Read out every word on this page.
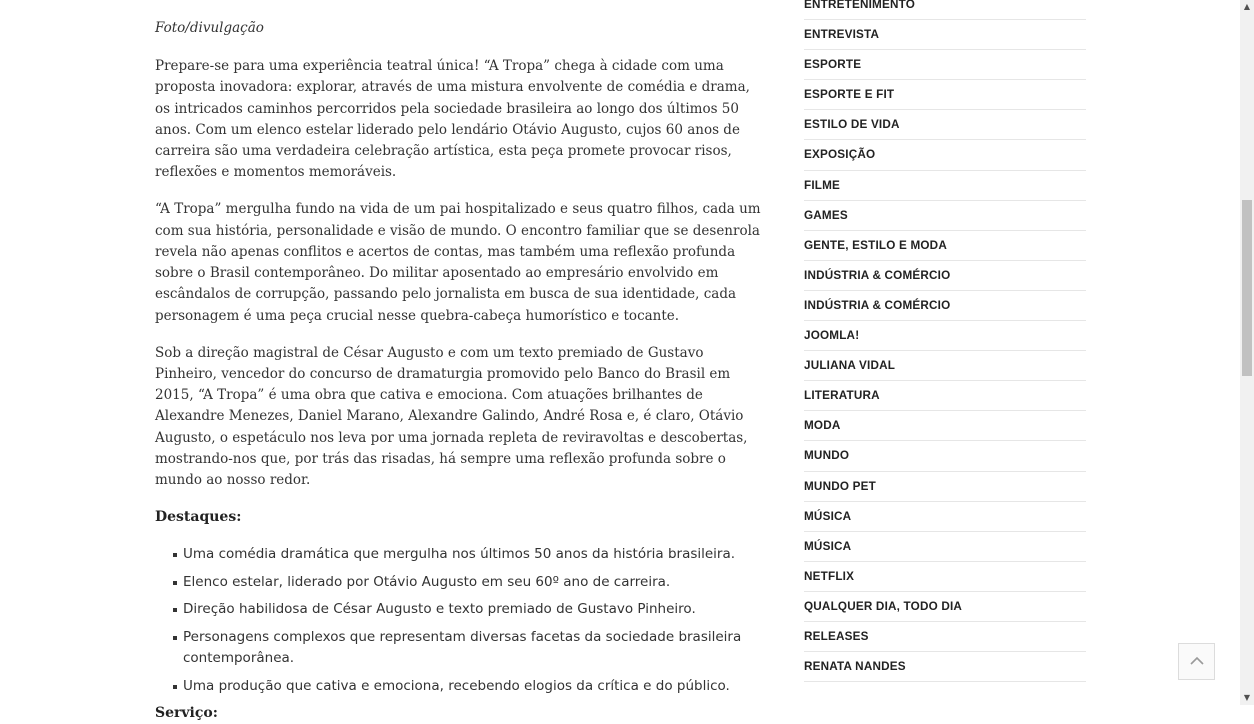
Foto/divulgação

Prepare-se para uma experiência teatral única! “A Tropa” chega à cidade com uma proposta inovadora: explorar, através de uma mistura envolvente de comédia e drama, os intricados caminhos percorridos pela sociedade brasileira ao longo dos últimos 50 anos. Com um elenco estelar liderado pelo lendário Otávio Augusto, cujos 60 anos de carreira são uma verdadeira celebração artística, esta peça promete provocar risos, reflexões e momentos memoráveis.

“A Tropa” mergulha fundo na vida de um pai hospitalizado e seus quatro filhos, cada um com sua história, personalidade e visão de mundo. O encontro familiar que se desenrola revela não apenas conflitos e acertos de contas, mas também uma reflexão profunda sobre o Brasil contemporâneo. Do militar aposentado ao empresário envolvido em escândalos de corrupção, passando pelo jornalista em busca de sua identidade, cada personagem é uma peça crucial nesse quebra-cabeça humorístico e tocante.

Sob a direção magistral de César Augusto e com um texto premiado de Gustavo Pinheiro, vencedor do concurso de dramaturgia promovido pelo Banco do Brasil em 2015, “A Tropa” é uma obra que cativa e emociona. Com atuações brilhantes de Alexandre Menezes, Daniel Marano, Alexandre Galindo, André Rosa e, é claro, Otávio Augusto, o espetáculo nos leva por uma jornada repleta de reviravoltas e descobertas, mostrando-nos que, por trás das risadas, há sempre uma reflexão profunda sobre o mundo ao nosso redor.

Destaques:

Uma comédia dramática que mergulha nos últimos 50 anos da história brasileira.
Elenco estelar, liderado por Otávio Augusto em seu 60º ano de carreira.
Direção habilidosa de César Augusto e texto premiado de Gustavo Pinheiro.
Personagens complexos que representam diversas facetas da sociedade brasileira contemporânea.
Uma produção que cativa e emociona, recebendo elogios da crítica e do público.

Serviço:

ENTRETENIMENTO
ENTREVISTA
ESPORTE
ESPORTE E FIT
ESTILO DE VIDA
EXPOSIÇÃO
FILME
GAMES
GENTE, ESTILO E MODA
INDÚSTRIA & COMÉRCIO
INDÚSTRIA & COMÉRCIO
JOOMLA!
JULIANA VIDAL
LITERATURA
MODA
MUNDO
MUNDO PET
MÚSICA
MÚSICA
NETFLIX
QUALQUER DIA, TODO DIA
RELEASES
RENATA NANDES
▲
▼
